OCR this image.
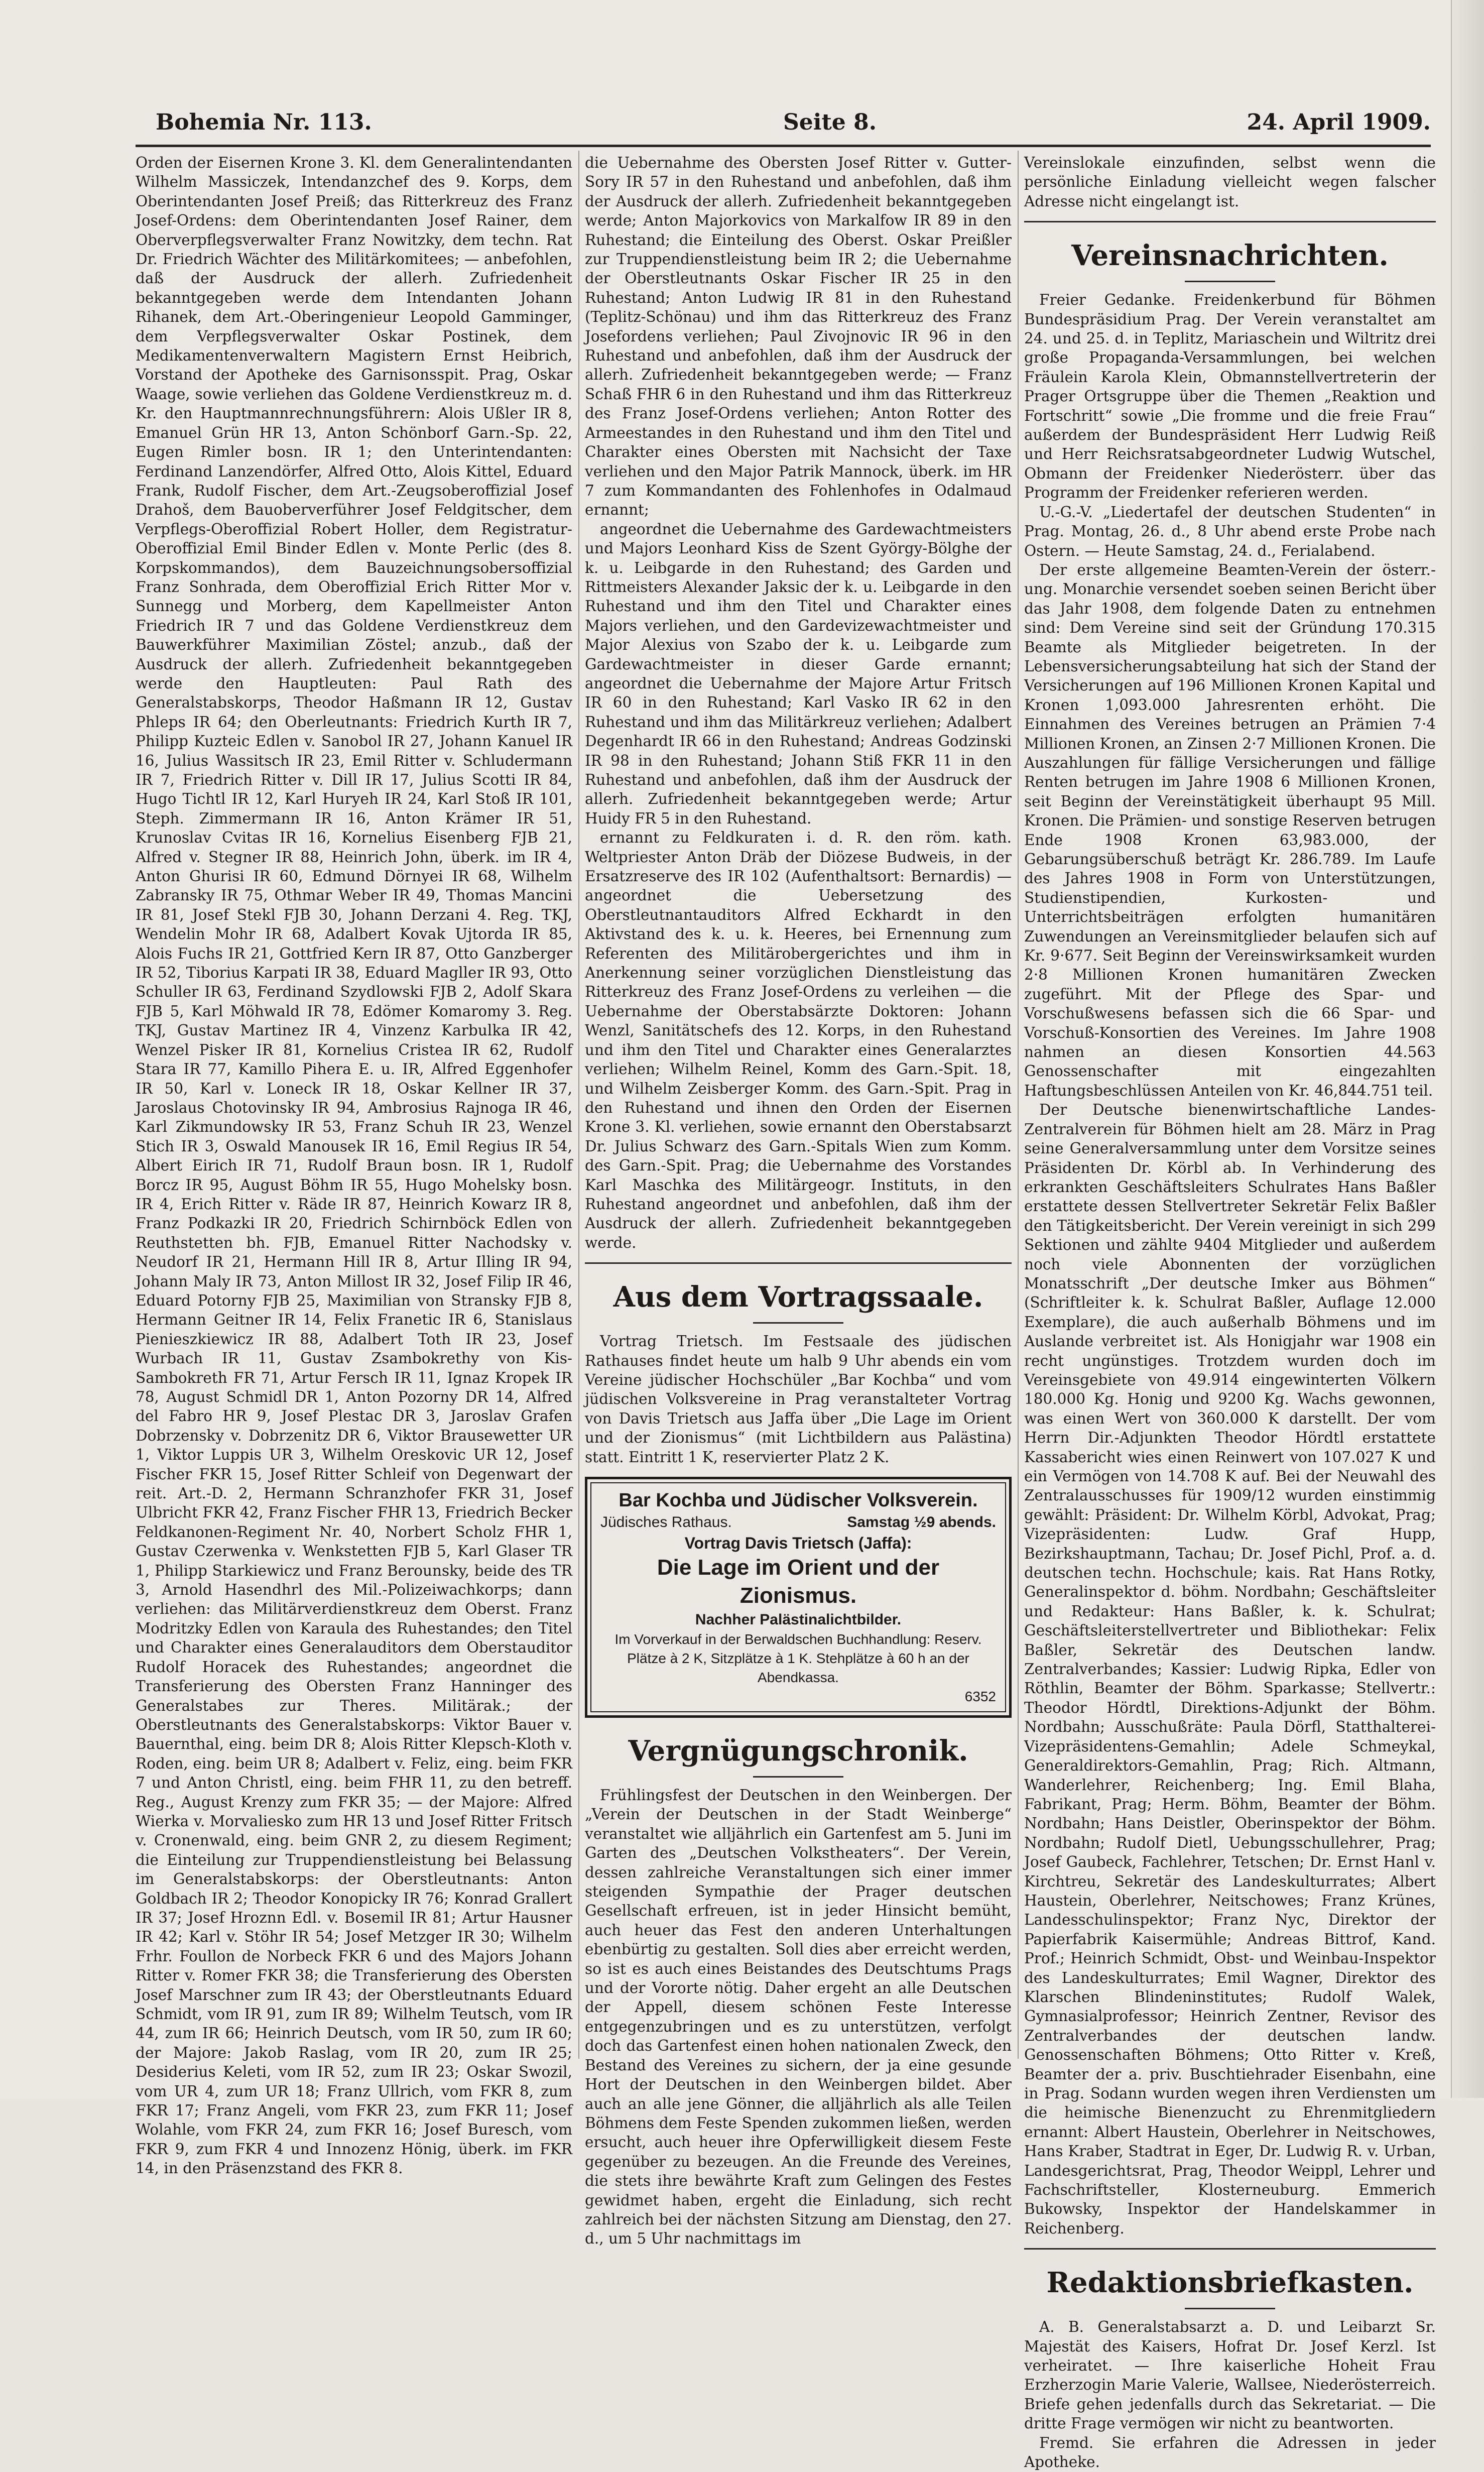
Bohemia Nr. 113.	Seite 8.	24. April 1909.

Orden der Eisernen Krone 3. Kl. dem Generalintendanten Wilhelm Massiczek, Intendanzchef des 9. Korps, dem Oberintendanten Josef Preiß; das Ritterkreuz des Franz Josef-Ordens: dem Oberintendanten Josef Rainer, dem Oberverpflegsverwalter Franz Nowitzky, dem techn. Rat Dr. Friedrich Wächter des Militärkomitees; — anbefohlen, daß der Ausdruck der allerh. Zufriedenheit bekanntgegeben werde dem Intendanten Johann Rihanek, dem Art.-Oberingenieur Leopold Gamminger, dem Verpflegsverwalter Oskar Postinek, dem Medikamentenverwaltern Magistern Ernst Heibrich, Vorstand der Apotheke des Garnisonsspit. Prag, Oskar Waage, sowie verliehen das Goldene Verdienstkreuz m. d. Kr. den Hauptmannrechnungsführern: Alois Ußler IR 8, Emanuel Grün HR 13, Anton Schönborf Garn.-Sp. 22, Eugen Rimler bosn. IR 1; den Unterintendanten: Ferdinand Lanzendörfer, Alfred Otto, Alois Kittel, Eduard Frank, Rudolf Fischer, dem Art.-Zeugsoberoffizial Josef Drahoš, dem Bauoberverführer Josef Feldgitscher, dem Verpflegs-Oberoffizial Robert Holler, dem Registratur-Oberoffizial Emil Binder Edlen v. Monte Perlic (des 8. Korpskommandos), dem Bauzeichnungsobersoffizial Franz Sonhrada, dem Oberoffizial Erich Ritter Mor v. Sunnegg und Morberg, dem Kapellmeister Anton Friedrich IR 7 und das Goldene Verdienstkreuz dem Bauwerkführer Maximilian Zöstel; anzub., daß der Ausdruck der allerh. Zufriedenheit bekanntgegeben werde den Hauptleuten: Paul Rath des Generalstabskorps, Theodor Haßmann IR 12, Gustav Phleps IR 64; den Oberleutnants: Friedrich Kurth IR 7, Philipp Kuzteic Edlen v. Sanobol IR 27, Johann Kanuel IR 16, Julius Wassitsch IR 23, Emil Ritter v. Schludermann IR 7, Friedrich Ritter v. Dill IR 17, Julius Scotti IR 84, Hugo Tichtl IR 12, Karl Huryeh IR 24, Karl Stoß IR 101, Steph. Zimmermann IR 16, Anton Krämer IR 51, Krunoslav Cvitas IR 16, Kornelius Eisenberg FJB 21, Alfred v. Stegner IR 88, Heinrich John, überk. im IR 4, Anton Ghurisi IR 60, Edmund Dörnyei IR 68, Wilhelm Zabransky IR 75, Othmar Weber IR 49, Thomas Mancini IR 81, Josef Stekl FJB 30, Johann Derzani 4. Reg. TKJ, Wendelin Mohr IR 68, Adalbert Kovak Ujtorda IR 85, Alois Fuchs IR 21, Gottfried Kern IR 87, Otto Ganzberger IR 52, Tiborius Karpati IR 38, Eduard Magller IR 93, Otto Schuller IR 63, Ferdinand Szydlowski FJB 2, Adolf Skara FJB 5, Karl Möhwald IR 78, Edömer Komaromy 3. Reg. TKJ, Gustav Martinez IR 4, Vinzenz Karbulka IR 42, Wenzel Pisker IR 81, Kornelius Cristea IR 62, Rudolf Stara IR 77, Kamillo Pihera E. u. IR, Alfred Eggenhofer IR 50, Karl v. Loneck IR 18, Oskar Kellner IR 37, Jaroslaus Chotovinsky IR 94, Ambrosius Rajnoga IR 46, Karl Zikmundowsky IR 53, Franz Schuh IR 23, Wenzel Stich IR 3, Oswald Manousek IR 16, Emil Regius IR 54, Albert Eirich IR 71, Rudolf Braun bosn. IR 1, Rudolf Borcz IR 95, August Böhm IR 55, Hugo Mohelsky bosn. IR 4, Erich Ritter v. Räde IR 87, Heinrich Kowarz IR 8, Franz Podkazki IR 20, Friedrich Schirnböck Edlen von Reuthstetten bh. FJB, Emanuel Ritter Nachodsky v. Neudorf IR 21, Hermann Hill IR 8, Artur Illing IR 94, Johann Maly IR 73, Anton Millost IR 32, Josef Filip IR 46, Eduard Potorny FJB 25, Maximilian von Stransky FJB 8, Hermann Geitner IR 14, Felix Franetic IR 6, Stanislaus Pienieszkiewicz IR 88, Adalbert Toth IR 23, Josef Wurbach IR 11, Gustav Zsambokrethy von Kis-Sambokreth FR 71, Artur Fersch IR 11, Ignaz Kropek IR 78, August Schmidl DR 1, Anton Pozorny DR 14, Alfred del Fabro HR 9, Josef Plestac DR 3, Jaroslav Grafen Dobrzensky v. Dobrzenitz DR 6, Viktor Brausewetter UR 1, Viktor Luppis UR 3, Wilhelm Oreskovic UR 12, Josef Fischer FKR 15, Josef Ritter Schleif von Degenwart der reit. Art.-D. 2, Hermann Schranzhofer FKR 31, Josef Ulbricht FKR 42, Franz Fischer FHR 13, Friedrich Becker Feldkanonen-Regiment Nr. 40, Norbert Scholz FHR 1, Gustav Czerwenka v. Wenkstetten FJB 5, Karl Glaser TR 1, Philipp Starkiewicz und Franz Berounsky, beide des TR 3, Arnold Hasendhrl des Mil.-Polizeiwachkorps; dann verliehen: das Militärverdienstkreuz dem Oberst. Franz Modritzky Edlen von Karaula des Ruhestandes; den Titel und Charakter eines Generalauditors dem Oberstauditor Rudolf Horacek des Ruhestandes; angeordnet die Transferierung des Obersten Franz Hanninger des Generalstabes zur Theres. Militärak.; der Oberstleutnants des Generalstabskorps: Viktor Bauer v. Bauernthal, eing. beim DR 8; Alois Ritter Klepsch-Kloth v. Roden, eing. beim UR 8; Adalbert v. Feliz, eing. beim FKR 7 und Anton Christl, eing. beim FHR 11, zu den betreff. Reg., August Krenzy zum FKR 35; — der Majore: Alfred Wierka v. Morvaliesko zum HR 13 und Josef Ritter Fritsch v. Cronenwald, eing. beim GNR 2, zu diesem Regiment; die Einteilung zur Truppendienstleistung bei Belassung im Generalstabskorps: der Oberstleutnants: Anton Goldbach IR 2; Theodor Konopicky IR 76; Konrad Grallert IR 37; Josef Hroznn Edl. v. Bosemil IR 81; Artur Hausner IR 42; Karl v. Stöhr IR 54; Josef Metzger IR 30; Wilhelm Frhr. Foullon de Norbeck FKR 6 und des Majors Johann Ritter v. Romer FKR 38; die Transferierung des Obersten Josef Marschner zum IR 43; der Oberstleutnants Eduard Schmidt, vom IR 91, zum IR 89; Wilhelm Teutsch, vom IR 44, zum IR 66; Heinrich Deutsch, vom IR 50, zum IR 60; der Majore: Jakob Raslag, vom IR 20, zum IR 25; Desiderius Keleti, vom IR 52, zum IR 23; Oskar Swozil, vom UR 4, zum UR 18; Franz Ullrich, vom FKR 8, zum FKR 17; Franz Angeli, vom FKR 23, zum FKR 11; Josef Wolahle, vom FKR 24, zum FKR 16; Josef Buresch, vom FKR 9, zum FKR 4 und Innozenz Hönig, überk. im FKR 14, in den Präsenzstand des FKR 8.

die Uebernahme des Obersten Josef Ritter v. Gutter-Sory IR 57 in den Ruhestand und anbefohlen, daß ihm der Ausdruck der allerh. Zufriedenheit bekanntgegeben werde; Anton Majorkovics von Markalfow IR 89 in den Ruhestand; die Einteilung des Oberst. Oskar Preißler zur Truppendienstleistung beim IR 2; die Uebernahme der Oberstleutnants Oskar Fischer IR 25 in den Ruhestand; Anton Ludwig IR 81 in den Ruhestand (Teplitz-Schönau) und ihm das Ritterkreuz des Franz Josefordens verliehen; Paul Zivojnovic IR 96 in den Ruhestand und anbefohlen, daß ihm der Ausdruck der allerh. Zufriedenheit bekanntgegeben werde; — Franz Schaß FHR 6 in den Ruhestand und ihm das Ritterkreuz des Franz Josef-Ordens verliehen; Anton Rotter des Armeestandes in den Ruhestand und ihm den Titel und Charakter eines Obersten mit Nachsicht der Taxe verliehen und den Major Patrik Mannock, überk. im HR 7 zum Kommandanten des Fohlenhofes in Odalmaud ernannt;

angeordnet die Uebernahme des Gardewachtmeisters und Majors Leonhard Kiss de Szent György-Bölghe der k. u. Leibgarde in den Ruhestand; des Garden und Rittmeisters Alexander Jaksic der k. u. Leibgarde in den Ruhestand und ihm den Titel und Charakter eines Majors verliehen, und den Gardevizewachtmeister und Major Alexius von Szabo der k. u. Leibgarde zum Gardewachtmeister in dieser Garde ernannt; angeordnet die Uebernahme der Majore Artur Fritsch IR 60 in den Ruhestand; Karl Vasko IR 62 in den Ruhestand und ihm das Militärkreuz verliehen; Adalbert Degenhardt IR 66 in den Ruhestand; Andreas Godzinski IR 98 in den Ruhestand; Johann Stiß FKR 11 in den Ruhestand und anbefohlen, daß ihm der Ausdruck der allerh. Zufriedenheit bekanntgegeben werde; Artur Huidy FR 5 in den Ruhestand.

ernannt zu Feldkuraten i. d. R. den röm. kath. Weltpriester Anton Dräb der Diözese Budweis, in der Ersatzreserve des IR 102 (Aufenthaltsort: Bernardis) — angeordnet die Uebersetzung des Oberstleutnantauditors Alfred Eckhardt in den Aktivstand des k. u. k. Heeres, bei Ernennung zum Referenten des Militärobergerichtes und ihm in Anerkennung seiner vorzüglichen Dienstleistung das Ritterkreuz des Franz Josef-Ordens zu verleihen — die Uebernahme der Oberstabsärzte Doktoren: Johann Wenzl, Sanitätschefs des 12. Korps, in den Ruhestand und ihm den Titel und Charakter eines Generalarztes verliehen; Wilhelm Reinel, Komm des Garn.-Spit. 18, und Wilhelm Zeisberger Komm. des Garn.-Spit. Prag in den Ruhestand und ihnen den Orden der Eisernen Krone 3. Kl. verliehen, sowie ernannt den Oberstabsarzt Dr. Julius Schwarz des Garn.-Spitals Wien zum Komm. des Garn.-Spit. Prag; die Uebernahme des Vorstandes Karl Maschka des Militärgeogr. Instituts, in den Ruhestand angeordnet und anbefohlen, daß ihm der Ausdruck der allerh. Zufriedenheit bekanntgegeben werde.

Aus dem Vortragssaale.

Vortrag Trietsch. Im Festsaale des jüdischen Rathauses findet heute um halb 9 Uhr abends ein vom Vereine jüdischer Hochschüler „Bar Kochba“ und vom jüdischen Volksvereine in Prag veranstalteter Vortrag von Davis Trietsch aus Jaffa über „Die Lage im Orient und der Zionismus“ (mit Lichtbildern aus Palästina) statt. Eintritt 1 K, reservierter Platz 2 K.

Bar Kochba und Jüdischer Volksverein.
Jüdisches Rathaus.	Samstag ½9 abends.
Vortrag Davis Trietsch (Jaffa):
Die Lage im Orient und der Zionismus.
Nachher Palästinalichtbilder.
Im Vorverkauf in der Berwaldschen Buchhandlung: Reserv. Plätze à 2 K, Sitzplätze à 1 K. Stehplätze à 60 h an der Abendkassa.
6352
Vergnügungschronik.

Frühlingsfest der Deutschen in den Weinbergen. Der „Verein der Deutschen in der Stadt Weinberge“ veranstaltet wie alljährlich ein Gartenfest am 5. Juni im Garten des „Deutschen Volkstheaters“. Der Verein, dessen zahlreiche Veranstaltungen sich einer immer steigenden Sympathie der Prager deutschen Gesellschaft erfreuen, ist in jeder Hinsicht bemüht, auch heuer das Fest den anderen Unterhaltungen ebenbürtig zu gestalten. Soll dies aber erreicht werden, so ist es auch eines Beistandes des Deutschtums Prags und der Vororte nötig. Daher ergeht an alle Deutschen der Appell, diesem schönen Feste Interesse entgegenzubringen und es zu unterstützen, verfolgt doch das Gartenfest einen hohen nationalen Zweck, den Bestand des Vereines zu sichern, der ja eine gesunde Hort der Deutschen in den Weinbergen bildet. Aber auch an alle jene Gönner, die alljährlich als alle Teilen Böhmens dem Feste Spenden zukommen ließen, werden ersucht, auch heuer ihre Opferwilligkeit diesem Feste gegenüber zu bezeugen. An die Freunde des Vereines, die stets ihre bewährte Kraft zum Gelingen des Festes gewidmet haben, ergeht die Einladung, sich recht zahlreich bei der nächsten Sitzung am Dienstag, den 27. d., um 5 Uhr nachmittags im

Vereinslokale einzufinden, selbst wenn die persönliche Einladung vielleicht wegen falscher Adresse nicht eingelangt ist.

Vereinsnachrichten.

Freier Gedanke. Freidenkerbund für Böhmen Bundespräsidium Prag. Der Verein veranstaltet am 24. und 25. d. in Teplitz, Mariaschein und Wiltritz drei große Propaganda-Versammlungen, bei welchen Fräulein Karola Klein, Obmannstellvertreterin der Prager Ortsgruppe über die Themen „Reaktion und Fortschritt“ sowie „Die fromme und die freie Frau“ außerdem der Bundespräsident Herr Ludwig Reiß und Herr Reichsratsabgeordneter Ludwig Wutschel, Obmann der Freidenker Niederösterr. über das Programm der Freidenker referieren werden.

U.-G.-V. „Liedertafel der deutschen Studenten“ in Prag. Montag, 26. d., 8 Uhr abend erste Probe nach Ostern. — Heute Samstag, 24. d., Ferialabend.

Der erste allgemeine Beamten-Verein der österr.-ung. Monarchie versendet soeben seinen Bericht über das Jahr 1908, dem folgende Daten zu entnehmen sind: Dem Vereine sind seit der Gründung 170.315 Beamte als Mitglieder beigetreten. In der Lebensversicherungsabteilung hat sich der Stand der Versicherungen auf 196 Millionen Kronen Kapital und Kronen 1,093.000 Jahresrenten erhöht. Die Einnahmen des Vereines betrugen an Prämien 7·4 Millionen Kronen, an Zinsen 2·7 Millionen Kronen. Die Auszahlungen für fällige Versicherungen und fällige Renten betrugen im Jahre 1908 6 Millionen Kronen, seit Beginn der Vereinstätigkeit überhaupt 95 Mill. Kronen. Die Prämien- und sonstige Reserven betrugen Ende 1908 Kronen 63,983.000, der Gebarungsüberschuß beträgt Kr. 286.789. Im Laufe des Jahres 1908 in Form von Unterstützungen, Studienstipendien, Kurkosten- und Unterrichtsbeiträgen erfolgten humanitären Zuwendungen an Vereinsmitglieder belaufen sich auf Kr. 9·677. Seit Beginn der Vereinswirksamkeit wurden 2·8 Millionen Kronen humanitären Zwecken zugeführt. Mit der Pflege des Spar- und Vorschußwesens befassen sich die 66 Spar- und Vorschuß-Konsortien des Vereines. Im Jahre 1908 nahmen an diesen Konsortien 44.563 Genossenschafter mit eingezahlten Haftungsbeschlüssen Anteilen von Kr. 46,844.751 teil.

Der Deutsche bienenwirtschaftliche Landes-Zentralverein für Böhmen hielt am 28. März in Prag seine Generalversammlung unter dem Vorsitze seines Präsidenten Dr. Körbl ab. In Verhinderung des erkrankten Geschäftsleiters Schulrates Hans Baßler erstattete dessen Stellvertreter Sekretär Felix Baßler den Tätigkeitsbericht. Der Verein vereinigt in sich 299 Sektionen und zählte 9404 Mitglieder und außerdem noch viele Abonnenten der vorzüglichen Monatsschrift „Der deutsche Imker aus Böhmen“ (Schriftleiter k. k. Schulrat Baßler, Auflage 12.000 Exemplare), die auch außerhalb Böhmens und im Auslande verbreitet ist. Als Honigjahr war 1908 ein recht ungünstiges. Trotzdem wurden doch im Vereinsgebiete von 49.914 eingewinterten Völkern 180.000 Kg. Honig und 9200 Kg. Wachs gewonnen, was einen Wert von 360.000 K darstellt. Der vom Herrn Dir.-Adjunkten Theodor Hördtl erstattete Kassabericht wies einen Reinwert von 107.027 K und ein Vermögen von 14.708 K auf. Bei der Neuwahl des Zentralausschusses für 1909/12 wurden einstimmig gewählt: Präsident: Dr. Wilhelm Körbl, Advokat, Prag; Vizepräsidenten: Ludw. Graf Hupp, Bezirkshauptmann, Tachau; Dr. Josef Pichl, Prof. a. d. deutschen techn. Hochschule; kais. Rat Hans Rotky, Generalinspektor d. böhm. Nordbahn; Geschäftsleiter und Redakteur: Hans Baßler, k. k. Schulrat; Geschäftsleiterstellvertreter und Bibliothekar: Felix Baßler, Sekretär des Deutschen landw. Zentralverbandes; Kassier: Ludwig Ripka, Edler von Röthlin, Beamter der Böhm. Sparkasse; Stellvertr.: Theodor Hördtl, Direktions-Adjunkt der Böhm. Nordbahn; Ausschußräte: Paula Dörfl, Statthalterei-Vizepräsidentens-Gemahlin; Adele Schmeykal, Generaldirektors-Gemahlin, Prag; Rich. Altmann, Wanderlehrer, Reichenberg; Ing. Emil Blaha, Fabrikant, Prag; Herm. Böhm, Beamter der Böhm. Nordbahn; Hans Deistler, Oberinspektor der Böhm. Nordbahn; Rudolf Dietl, Uebungsschullehrer, Prag; Josef Gaubeck, Fachlehrer, Tetschen; Dr. Ernst Hanl v. Kirchtreu, Sekretär des Landeskulturrates; Albert Haustein, Oberlehrer, Neitschowes; Franz Krünes, Landesschulinspektor; Franz Nyc, Direktor der Papierfabrik Kaisermühle; Andreas Bittrof, Kand. Prof.; Heinrich Schmidt, Obst- und Weinbau-Inspektor des Landeskulturrates; Emil Wagner, Direktor des Klarschen Blindeninstitutes; Rudolf Walek, Gymnasialprofessor; Heinrich Zentner, Revisor des Zentralverbandes der deutschen landw. Genossenschaften Böhmens; Otto Ritter v. Kreß, Beamter der a. priv. Buschtiehrader Eisenbahn, eine in Prag. Sodann wurden wegen ihren Verdiensten um die heimische Bienenzucht zu Ehrenmitgliedern ernannt: Albert Haustein, Oberlehrer in Neitschowes, Hans Kraber, Stadtrat in Eger, Dr. Ludwig R. v. Urban, Landesgerichtsrat, Prag, Theodor Weippl, Lehrer und Fachschriftsteller, Klosterneuburg. Emmerich Bukowsky, Inspektor der Handelskammer in Reichenberg.

Redaktionsbriefkasten.

A. B. Generalstabsarzt a. D. und Leibarzt Sr. Majestät des Kaisers, Hofrat Dr. Josef Kerzl. Ist verheiratet. — Ihre kaiserliche Hoheit Frau Erzherzogin Marie Valerie, Wallsee, Niederösterreich. Briefe gehen jedenfalls durch das Sekretariat. — Die dritte Frage vermögen wir nicht zu beantworten.

Fremd. Sie erfahren die Adressen in jeder Apotheke.
